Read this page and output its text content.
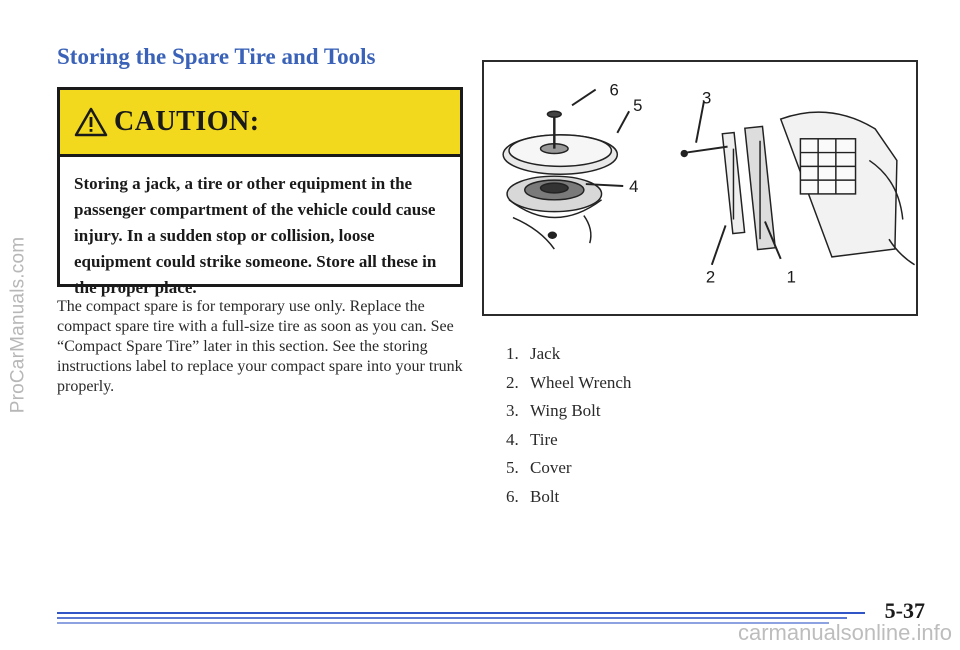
ProCarManuals.com
Storing the Spare Tire and Tools
CAUTION:
Storing a jack, a tire or other equipment in the passenger compartment of the vehicle could cause injury. In a sudden stop or collision, loose equipment could strike someone. Store all these in the proper place.

The compact spare is for temporary use only. Replace the compact spare tire with a full-size tire as soon as you can. See “Compact Spare Tire” later in this section. See the storing instructions label to replace your compact spare into your trunk properly.

6
5	3
4
2	1
1. Jack
2. Wheel Wrench
3. Wing Bolt
4. Tire
5. Cover
6. Bolt
5-37
carmanualsonline.info
